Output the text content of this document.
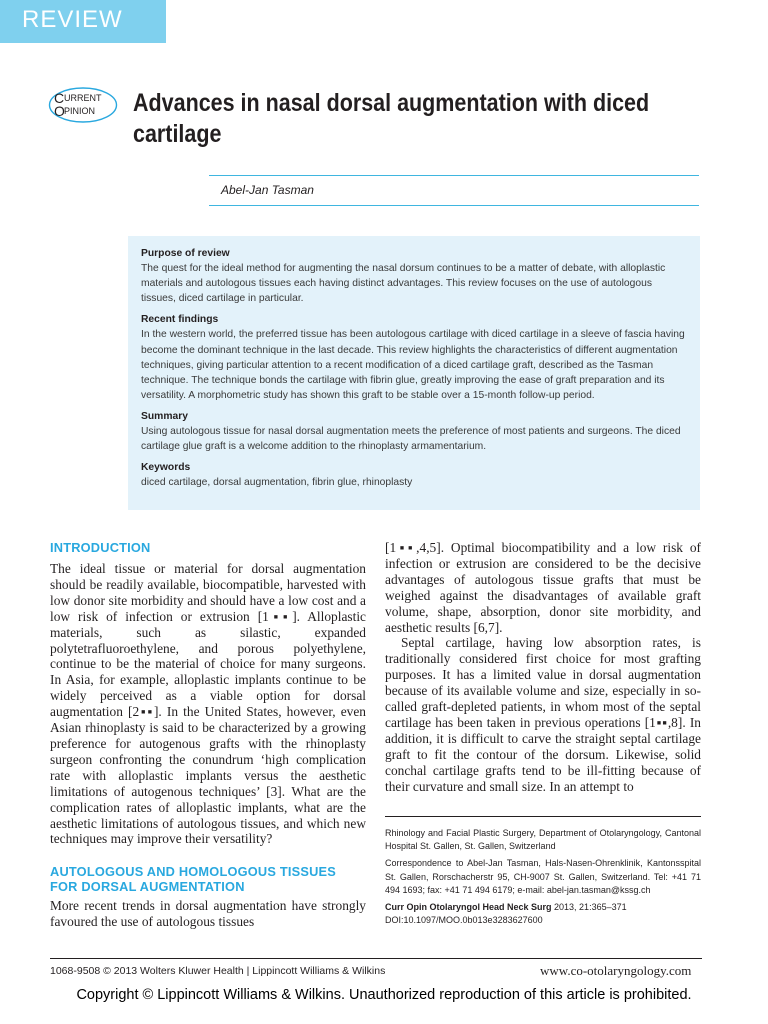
REVIEW
C URRENT
O PINION Advances in nasal dorsal augmentation with diced cartilage
Abel-Jan Tasman
Purpose of review
The quest for the ideal method for augmenting the nasal dorsum continues to be a matter of debate, with alloplastic materials and autologous tissues each having distinct advantages. This review focuses on the use of autologous tissues, diced cartilage in particular.
Recent findings
In the western world, the preferred tissue has been autologous cartilage with diced cartilage in a sleeve of fascia having become the dominant technique in the last decade. This review highlights the characteristics of different augmentation techniques, giving particular attention to a recent modification of a diced cartilage graft, described as the Tasman technique. The technique bonds the cartilage with fibrin glue, greatly improving the ease of graft preparation and its versatility. A morphometric study has shown this graft to be stable over a 15-month follow-up period.
Summary
Using autologous tissue for nasal dorsal augmentation meets the preference of most patients and surgeons. The diced cartilage glue graft is a welcome addition to the rhinoplasty armamentarium.
Keywords
diced cartilage, dorsal augmentation, fibrin glue, rhinoplasty
INTRODUCTION

The ideal tissue or material for dorsal augmentation should be readily available, biocompatible, harvested with low donor site morbidity and should have a low cost and a low risk of infection or extrusion [1▪▪]. Alloplastic materials, such as silastic, expanded polytetrafluoroethylene, and porous polyethylene, continue to be the material of choice for many surgeons. In Asia, for example, alloplastic implants continue to be widely perceived as a viable option for dorsal augmentation [2▪▪]. In the United States, however, even Asian rhinoplasty is said to be characterized by a growing preference for autogenous grafts with the rhinoplasty surgeon confronting the conundrum ‘high complication rate with alloplastic implants versus the aesthetic limitations of autogenous techniques’ [3]. What are the complication rates of alloplastic implants, what are the aesthetic limitations of autologous tissues, and which new techniques may improve their versatility?

AUTOLOGOUS AND HOMOLOGOUS TISSUES FOR DORSAL AUGMENTATION

More recent trends in dorsal augmentation have strongly favoured the use of autologous tissues

[1▪▪,4,5]. Optimal biocompatibility and a low risk of infection or extrusion are considered to be the decisive advantages of autologous tissue grafts that must be weighed against the disadvantages of available graft volume, shape, absorption, donor site morbidity, and aesthetic results [6,7].

Septal cartilage, having low absorption rates, is traditionally considered first choice for most grafting purposes. It has a limited value in dorsal augmentation because of its available volume and size, especially in so-called graft-depleted patients, in whom most of the septal cartilage has been taken in previous operations [1▪▪,8]. In addition, it is difficult to carve the straight septal cartilage graft to fit the contour of the dorsum. Likewise, solid conchal cartilage grafts tend to be ill-fitting because of their curvature and small size. In an attempt to

Rhinology and Facial Plastic Surgery, Department of Otolaryngology, Cantonal Hospital St. Gallen, St. Gallen, Switzerland

Correspondence to Abel-Jan Tasman, Hals-Nasen-Ohrenklinik, Kantonsspital St. Gallen, Rorschacherstr 95, CH-9007 St. Gallen, Switzerland. Tel: +41 71 494 1693; fax: +41 71 494 6179; e-mail: abel-jan.tasman@kssg.ch

Curr Opin Otolaryngol Head Neck Surg 2013, 21:365–371

DOI:10.1097/MOO.0b013e3283627600

1068-9508 © 2013 Wolters Kluwer Health | Lippincott Williams & Wilkins	www.co-otolaryngology.com
Copyright © Lippincott Williams & Wilkins. Unauthorized reproduction of this article is prohibited.
